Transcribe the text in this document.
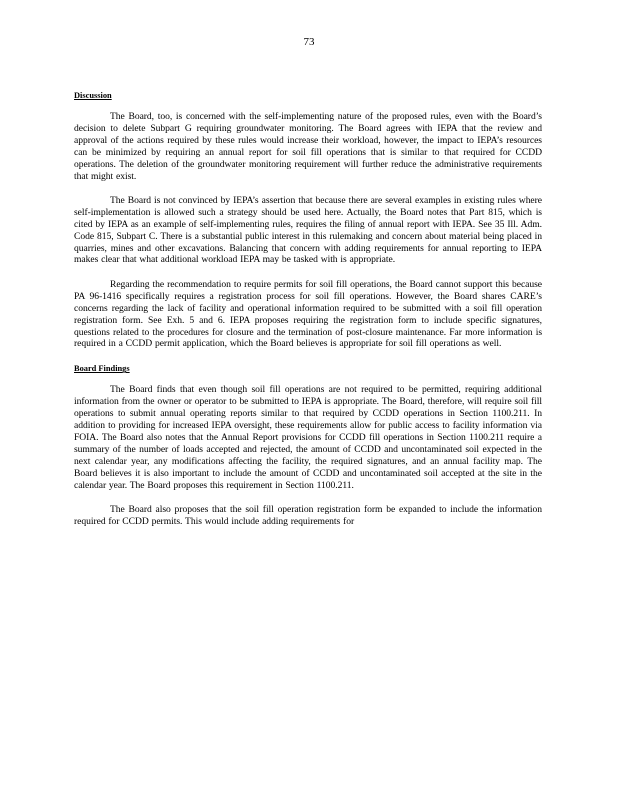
73
Discussion

The Board, too, is concerned with the self-implementing nature of the proposed rules, even with the Board’s decision to delete Subpart G requiring groundwater monitoring. The Board agrees with IEPA that the review and approval of the actions required by these rules would increase their workload, however, the impact to IEPA’s resources can be minimized by requiring an annual report for soil fill operations that is similar to that required for CCDD operations. The deletion of the groundwater monitoring requirement will further reduce the administrative requirements that might exist.

The Board is not convinced by IEPA’s assertion that because there are several examples in existing rules where self-implementation is allowed such a strategy should be used here. Actually, the Board notes that Part 815, which is cited by IEPA as an example of self-implementing rules, requires the filing of annual report with IEPA. See 35 Ill. Adm. Code 815, Subpart C. There is a substantial public interest in this rulemaking and concern about material being placed in quarries, mines and other excavations. Balancing that concern with adding requirements for annual reporting to IEPA makes clear that what additional workload IEPA may be tasked with is appropriate.

Regarding the recommendation to require permits for soil fill operations, the Board cannot support this because PA 96-1416 specifically requires a registration process for soil fill operations. However, the Board shares CARE’s concerns regarding the lack of facility and operational information required to be submitted with a soil fill operation registration form. See Exh. 5 and 6. IEPA proposes requiring the registration form to include specific signatures, questions related to the procedures for closure and the termination of post-closure maintenance. Far more information is required in a CCDD permit application, which the Board believes is appropriate for soil fill operations as well.

Board Findings

The Board finds that even though soil fill operations are not required to be permitted, requiring additional information from the owner or operator to be submitted to IEPA is appropriate. The Board, therefore, will require soil fill operations to submit annual operating reports similar to that required by CCDD operations in Section 1100.211. In addition to providing for increased IEPA oversight, these requirements allow for public access to facility information via FOIA. The Board also notes that the Annual Report provisions for CCDD fill operations in Section 1100.211 require a summary of the number of loads accepted and rejected, the amount of CCDD and uncontaminated soil expected in the next calendar year, any modifications affecting the facility, the required signatures, and an annual facility map. The Board believes it is also important to include the amount of CCDD and uncontaminated soil accepted at the site in the calendar year. The Board proposes this requirement in Section 1100.211.

The Board also proposes that the soil fill operation registration form be expanded to include the information required for CCDD permits. This would include adding requirements for
